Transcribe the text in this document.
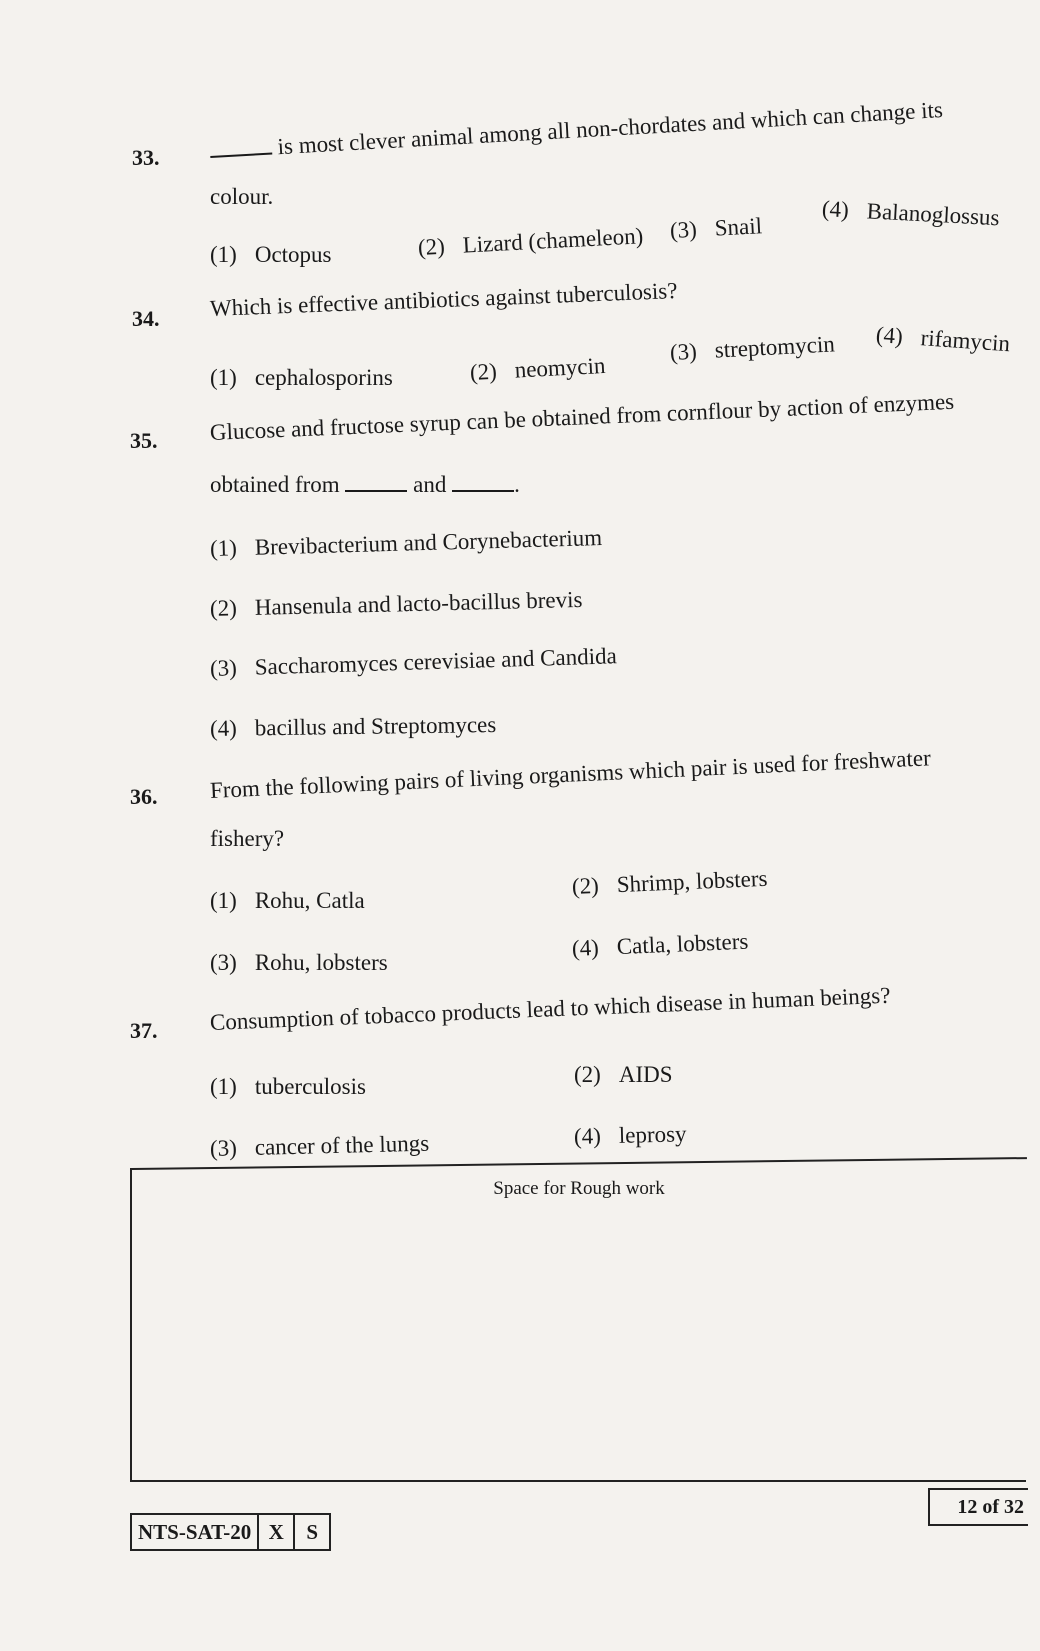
33.	is most clever animal among all non-chordates and which can change its
colour.
(1) Octopus	(2) Lizard (chameleon) (3) Snail
(4) Balanoglossus
34. Which is effective antibiotics against tuberculosis?
(1) cephalosporins	(2) neomycin
(3) streptomycin (4) rifamycin
35. Glucose and fructose syrup can be obtained from cornflour by action of enzymes
obtained from	and	.
(1) Brevibacterium and Corynebacterium
(2) Hansenula and lacto-bacillus brevis
(3) Saccharomyces cerevisiae and Candida
(4) bacillus and Streptomyces
36. From the following pairs of living organisms which pair is used for freshwater
fishery?
(1) Rohu, Catla
(2) Shrimp, lobsters
(3) Rohu, lobsters
(4) Catla, lobsters
37. Consumption of tobacco products lead to which disease in human beings?
(1) tuberculosis	(2) AIDS
(3) cancer of the lungs	(4) leprosy
Space for Rough work
NTS-SAT-20 X	S
12 of 32
